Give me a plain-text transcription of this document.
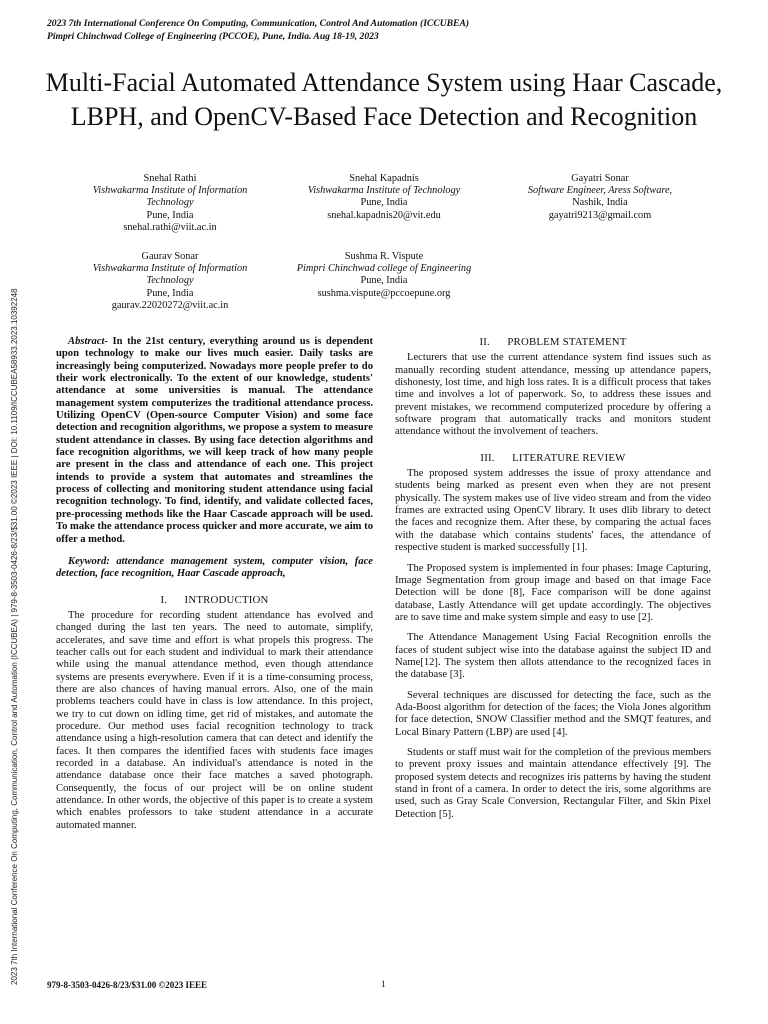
2023 7th International Conference On Computing, Communication, Control And Automation (ICCUBEA)
Pimpri Chinchwad College of Engineering (PCCOE), Pune, India. Aug 18-19, 2023
2023 7th International Conference On Computing, Communication, Control and Automation (ICCUBEA) | 979-8-3503-0426-8/23/$31.00 ©2023 IEEE | DOI: 10.1109/ICCUBEA58933.2023.10392248
Multi-Facial Automated Attendance System using Haar Cascade, LBPH, and OpenCV-Based Face Detection and Recognition
Snehal Rathi
Vishwakarma Institute of Information Technology
Pune, India
snehal.rathi@viit.ac.in
Snehal Kapadnis
Vishwakarma Institute of Technology
Pune, India
snehal.kapadnis20@vit.edu
Gayatri Sonar
Software Engineer, Aress Software,
Nashik, India
gayatri9213@gmail.com
Gaurav Sonar
Vishwakarma Institute of Information Technology
Pune, India
gaurav.22020272@viit.ac.in
Sushma R. Vispute
Pimpri Chinchwad college of Engineering
Pune, India
sushma.vispute@pccoepune.org

Abstract- In the 21st century, everything around us is dependent upon technology to make our lives much easier. Daily tasks are increasingly being computerized. Nowadays more people prefer to do their work electronically. To the extent of our knowledge, students' attendance at some universities is manual. The attendance management system computerizes the traditional attendance process. Utilizing OpenCV (Open-source Computer Vision) and some face detection and recognition algorithms, we propose a system to measure student attendance in classes. By using face detection algorithms and face recognition algorithms, we will keep track of how many people are present in the class and attendance of each one. This project intends to provide a system that automates and streamlines the process of collecting and monitoring student attendance using facial recognition technology. To find, identify, and validate collected faces, pre-processing methods like the Haar Cascade approach will be used. To make the attendance process quicker and more accurate, we aim to offer a method.

Keyword: attendance management system, computer vision, face detection, face recognition, Haar Cascade approach,

I.      INTRODUCTION

The procedure for recording student attendance has evolved and changed during the last ten years. The need to automate, simplify, accelerates, and save time and effort is what propels this progress. The teacher calls out for each student and individual to mark their attendance while using the manual attendance method, even though attendance systems are presents everywhere. Even if it is a time-consuming process, there are also chances of having manual errors. Also, one of the main problems teachers could have in class is low attendance. In this project, we try to cut down on idling time, get rid of mistakes, and automate the procedure. Our method uses facial recognition technology to track attendance using a high-resolution camera that can detect and identify the faces. It then compares the identified faces with students face images recorded in a database. An individual's attendance is noted in the attendance database once their face matches a saved photograph. Consequently, the focus of our project will be on online student attendance. In other words, the objective of this paper is to create a system which enables professors to take student attendance in a accurate automated manner.

II.      PROBLEM STATEMENT

Lecturers that use the current attendance system find issues such as manually recording student attendance, messing up attendance papers, dishonesty, lost time, and high loss rates. It is a difficult process that takes time and involves a lot of paperwork. So, to address these issues and prevent mistakes, we recommend computerized procedure by offering a software program that automatically tracks and monitors student attendance without the involvement of teachers.

III.      LITERATURE REVIEW

The proposed system addresses the issue of proxy attendance and students being marked as present even when they are not present physically. The system makes use of live video stream and from the video frames are extracted using OpenCV library. It uses dlib library to detect the faces and recognize them. After these, by comparing the actual faces with the database which contains students' faces, the attendance of respective student is marked successfully [1].

The Proposed system is implemented in four phases: Image Capturing, Image Segmentation from group image and based on that image Face Detection will be done [8], Face comparison will be done against database, Lastly Attendance will get update accordingly. The objectives are to save time and make system simple and easy to use [2].

The Attendance Management Using Facial Recognition enrolls the faces of student subject wise into the database against the subject ID and Name[12]. The system then allots attendance to the recognized faces in the database [3].

Several techniques are discussed for detecting the face, such as the Ada-Boost algorithm for detection of the faces; the Viola Jones algorithm for face detection, SNOW Classifier method and the SMQT features, and Local Binary Pattern (LBP) are used [4].

Students or staff must wait for the completion of the previous members to prevent proxy issues and maintain attendance effectively [9]. The proposed system detects and recognizes iris patterns by having the student stand in front of a camera. In order to detect the iris, some algorithms are used, such as Gray Scale Conversion, Rectangular Filter, and Skin Pixel Detection [5].

979-8-3503-0426-8/23/$31.00 ©2023 IEEE	1
